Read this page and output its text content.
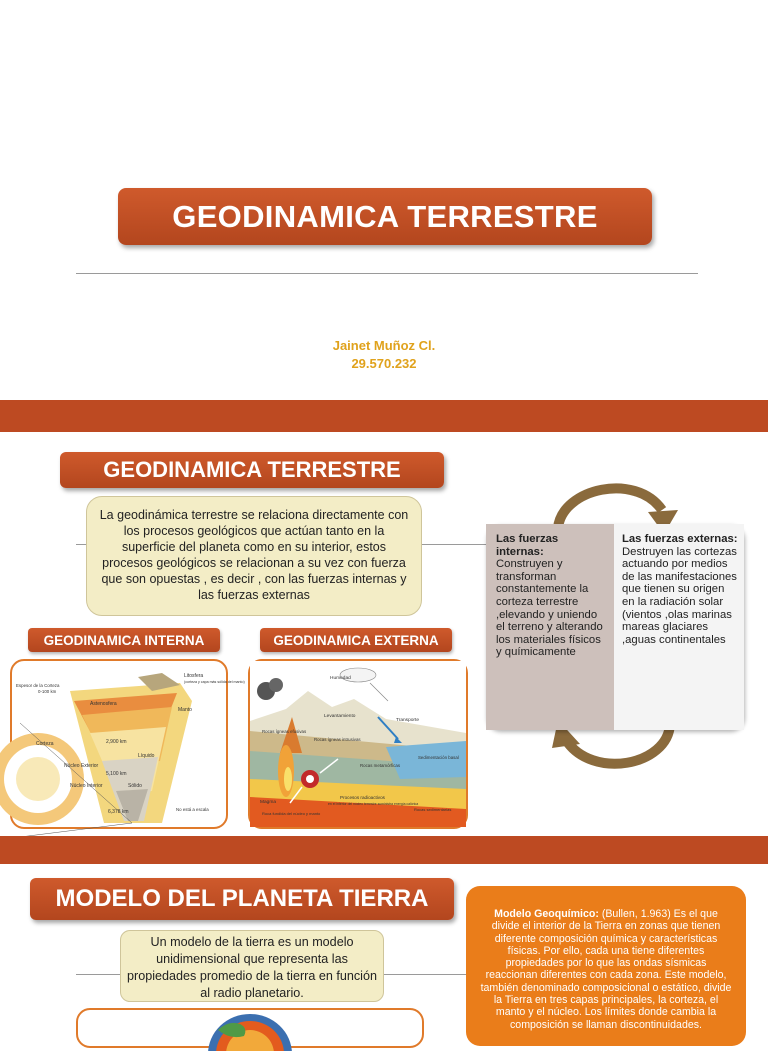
GEODINAMICA TERRESTRE
Jainet Muñoz Cl.
29.570.232
GEODINAMICA TERRESTRE
La geodinámica terrestre se relaciona directamente con los procesos geológicos que actúan tanto en la superficie del planeta como en su interior, estos procesos geológicos se relacionan a su vez con fuerza que son opuestas , es decir , con las fuerzas internas y las fuerzas externas
GEODINAMICA INTERNA	GEODINAMICA EXTERNA
Litosfera
(corteza y capa más sólida del manto)
Espesor de la Corteza
0-100 km
Astenosfera
Manto
Corteza	2,900 km
Líquido
Núcleo Exterior
5,100 km
Núcleo Interior	Sólido
6,378 km	No está a escala
Humedad
Levantamiento
Transporte
Rocas ígneas efusivas
Rocas ígneas intrusivas
Sedimentación basal
Rocas metamórficas
Magma
Procesos radioactivos
en el interior del núcleo terrestre suministra energía calórica
Roca fundida del núcleo y manto
Rocas sedimentarias
Las fuerzas internas:
Construyen y transforman constantemente la corteza terrestre ,elevando y uniendo el terreno y alterando los materiales físicos y químicamente
Las fuerzas externas:
Destruyen las cortezas actuando por medios de las manifestaciones que tienen su origen en la radiación solar (vientos ,olas marinas mareas glaciares ,aguas continentales
MODELO DEL PLANETA TIERRA
Un modelo de la tierra es un modelo unidimensional que representa las propiedades promedio de la tierra en función al radio planetario.
Modelo Geoquímico: (Bullen, 1.963) Es el que divide el interior de la Tierra en zonas que tienen diferente composición química y características físicas. Por ello, cada una tiene diferentes propiedades por lo que las ondas sísmicas reaccionan diferentes con cada zona. Este modelo, también denominado composicional o estático, divide la Tierra en tres capas principales, la corteza, el manto y el núcleo. Los límites donde cambia la composición se llaman discontinuidades.
